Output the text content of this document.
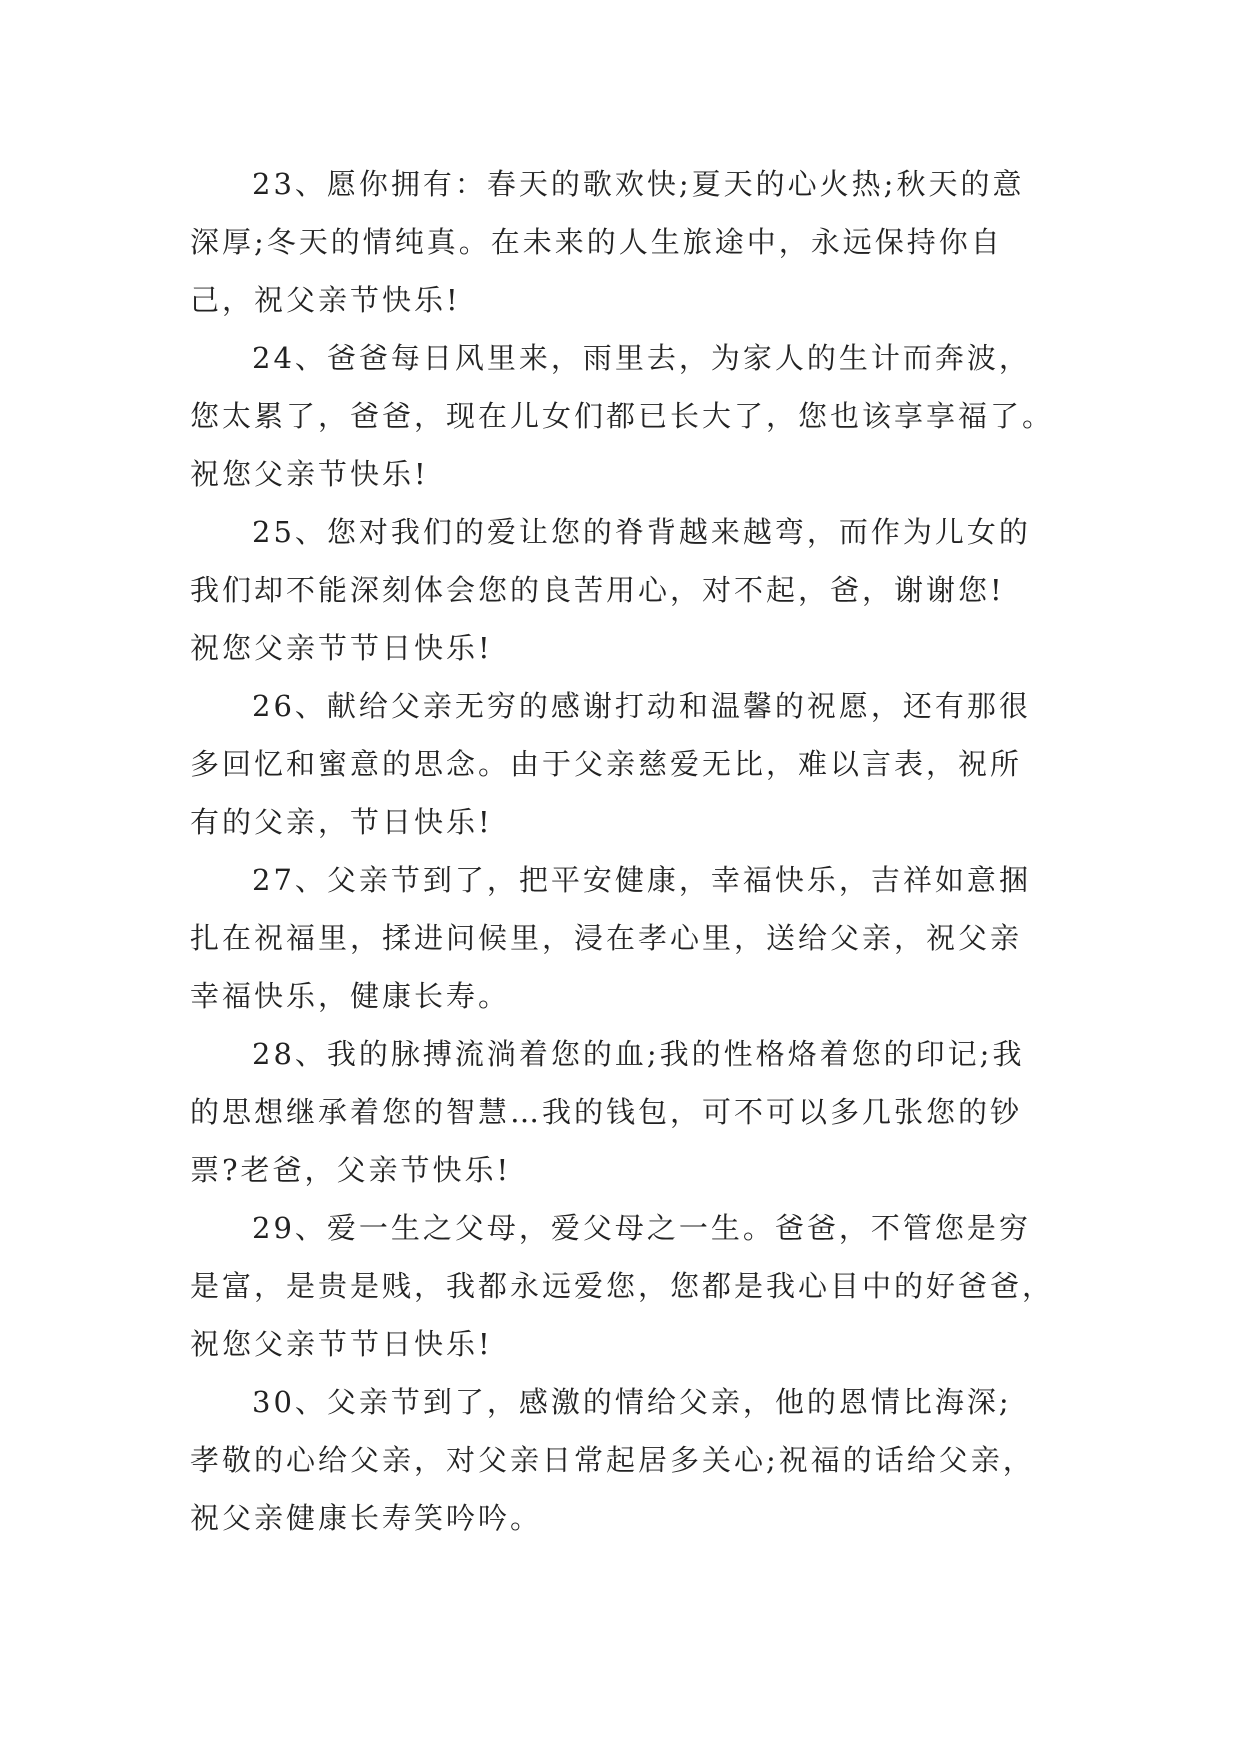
23、愿你拥有：春天的歌欢快;夏天的心火热;秋天的意
深厚;冬天的情纯真。在未来的人生旅途中，永远保持你自
己，祝父亲节快乐!
24、爸爸每日风里来，雨里去，为家人的生计而奔波，
您太累了，爸爸，现在儿女们都已长大了，您也该享享福了。
祝您父亲节快乐!
25、您对我们的爱让您的脊背越来越弯，而作为儿女的
我们却不能深刻体会您的良苦用心，对不起，爸，谢谢您!
祝您父亲节节日快乐!
26、献给父亲无穷的感谢打动和温馨的祝愿，还有那很
多回忆和蜜意的思念。由于父亲慈爱无比，难以言表，祝所
有的父亲，节日快乐!
27、父亲节到了，把平安健康，幸福快乐，吉祥如意捆
扎在祝福里，揉进问候里，浸在孝心里，送给父亲，祝父亲
幸福快乐，健康长寿。
28、我的脉搏流淌着您的血;我的性格烙着您的印记;我
的思想继承着您的智慧…我的钱包，可不可以多几张您的钞
票?老爸，父亲节快乐!
29、爱一生之父母，爱父母之一生。爸爸，不管您是穷
是富，是贵是贱，我都永远爱您，您都是我心目中的好爸爸，
祝您父亲节节日快乐!
30、父亲节到了，感激的情给父亲，他的恩情比海深;
孝敬的心给父亲，对父亲日常起居多关心;祝福的话给父亲，
祝父亲健康长寿笑吟吟。
